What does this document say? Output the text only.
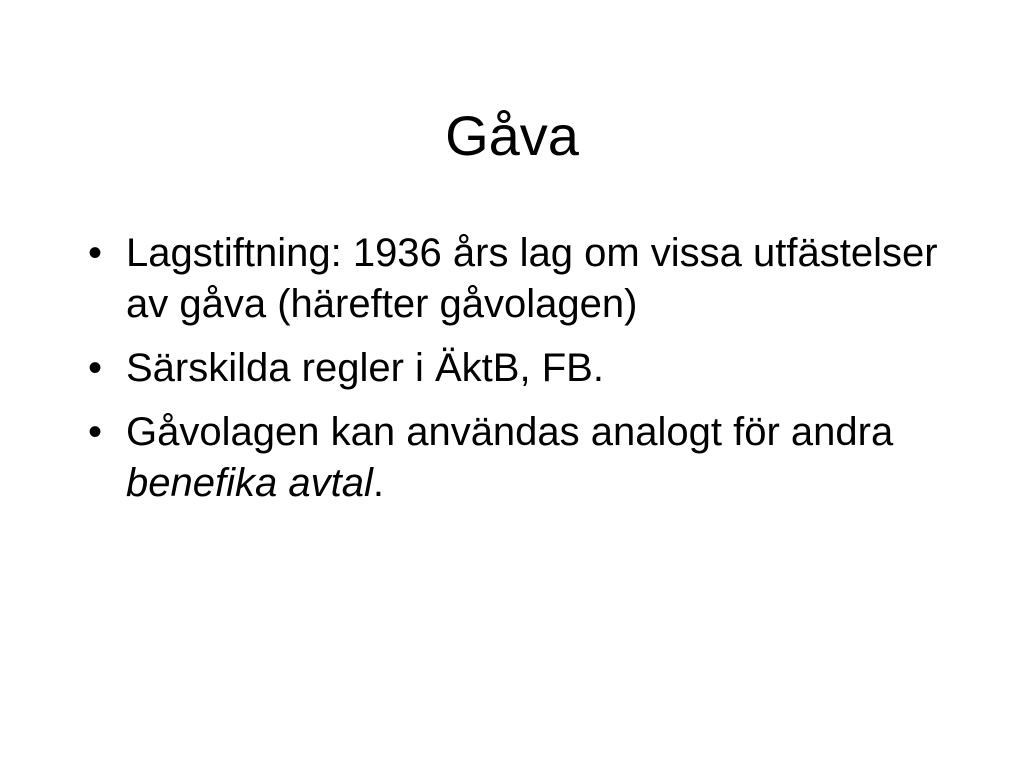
Gåva
• Lagstiftning: 1936 års lag om vissa utfästelser av gåva (härefter gåvolagen)
• Särskilda regler i ÄktB, FB.
• Gåvolagen kan användas analogt för andra benefika avtal.
